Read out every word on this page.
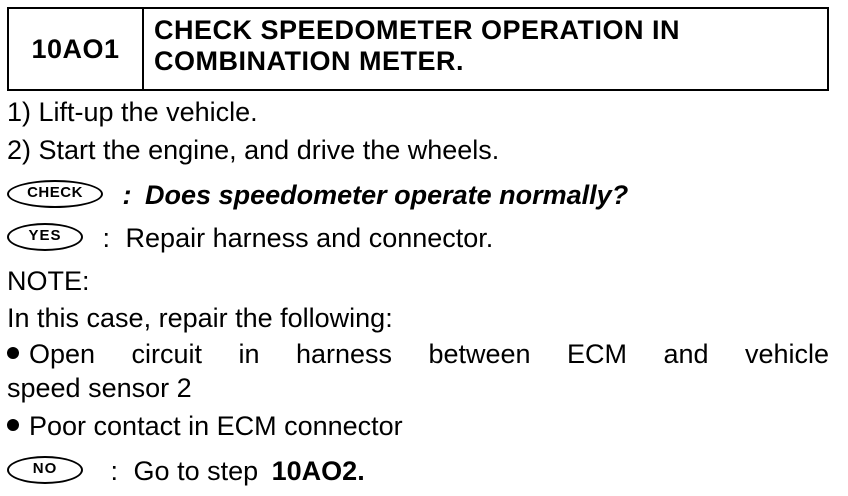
10AO1
CHECK SPEEDOMETER OPERATION IN
COMBINATION METER.
1) Lift-up the vehicle.
2) Start the engine, and drive the wheels.
CHECK : Does speedometer operate normally?
YES : Repair harness and connector.
NOTE:
In this case, repair the following:
Open circuit in harness between ECM and vehicle
speed sensor 2
Poor contact in ECM connector
NO : Go to step 10AO2.
